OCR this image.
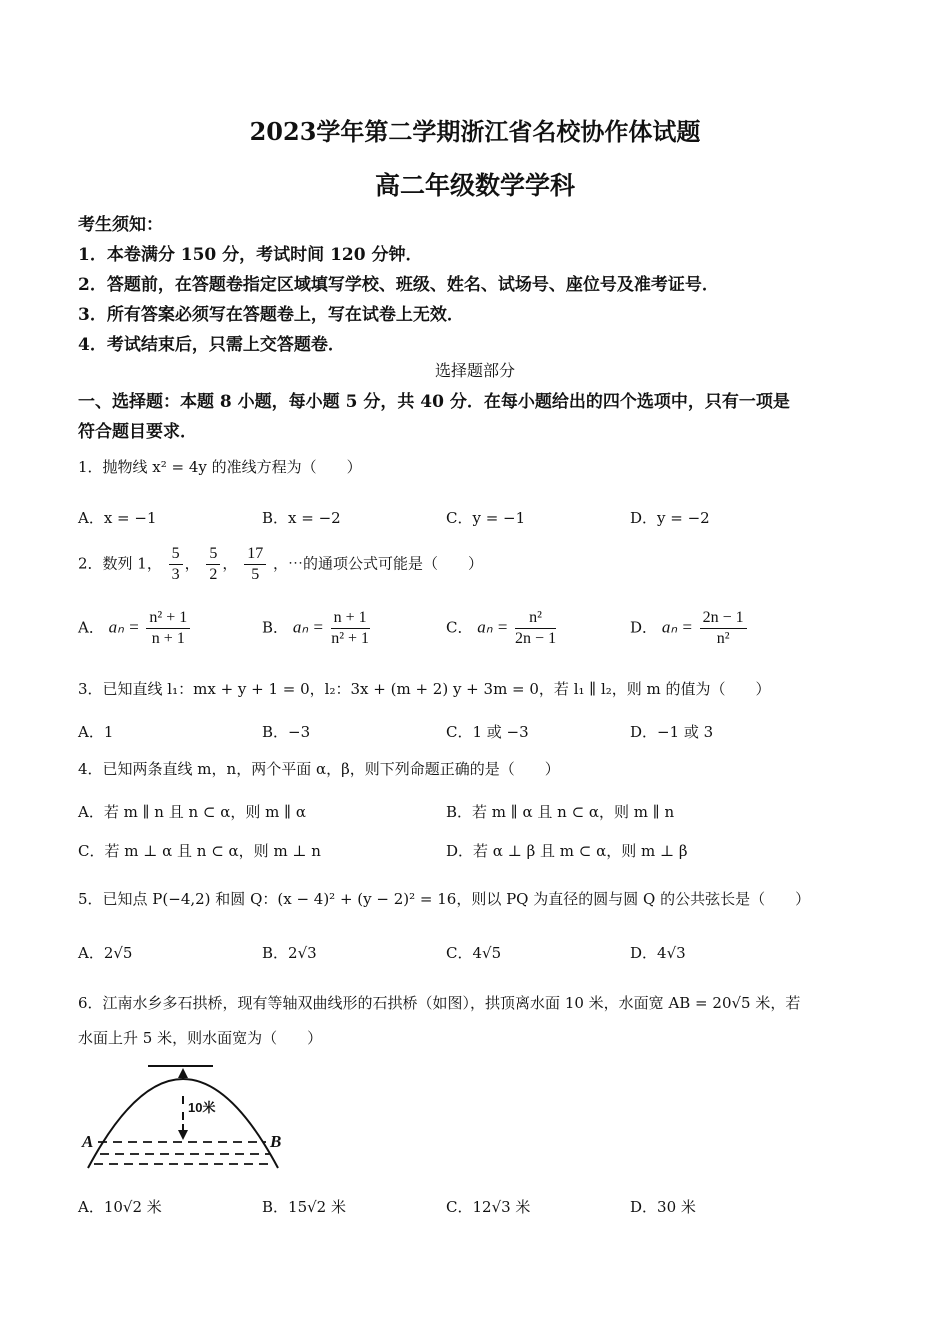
2023学年第二学期浙江省名校协作体试题
高二年级数学学科
考生须知：
1．本卷满分 150 分，考试时间 120 分钟．
2．答题前，在答题卷指定区域填写学校、班级、姓名、试场号、座位号及准考证号．
3．所有答案必须写在答题卷上，写在试卷上无效．
4．考试结束后，只需上交答题卷．
选择题部分
一、选择题：本题 8 小题，每小题 5 分，共 40 分．在每小题给出的四个选项中，只有一项是
符合题目要求．
1．抛物线 x² = 4y 的准线方程为（　　）
A．x = −1	B．x = −2	C．y = −1	D．y = −2
2．数列 1， $\frac{5}{3}$ ， $\frac{5}{2}$ ， $\frac{17}{5}$ ，⋯的通项公式可能是（　　）
A． $a_n = \frac{\text{n² + 1}}{n + 1}$	B． $a_n = \frac{n + 1}{\text{n² + 1}}$	C． $a_n = \frac{\text{n²}}{2n - 1}$	D． $a_n = \frac{2n - 1}{\text{n²}}$
3．已知直线 l₁：mx + y + 1 = 0，l₂：3x + (m + 2) y + 3m = 0，若 l₁ ∥ l₂，则 m 的值为（　　）
A．1	B．−3	C．1 或 −3	D．−1 或 3
4．已知两条直线 m，n，两个平面 α，β，则下列命题正确的是（　　）
A．若 m ∥ n 且 n ⊂ α，则 m ∥ α	B．若 m ∥ α 且 n ⊂ α，则 m ∥ n
C．若 m ⊥ α 且 n ⊂ α，则 m ⊥ n	D．若 α ⊥ β 且 m ⊂ α，则 m ⊥ β
5．已知点 P(−4,2) 和圆 Q：(x − 4)² + (y − 2)² = 16，则以 PQ 为直径的圆与圆 Q 的公共弦长是（　　）
A．2√5	B．2√3	C．4√5	D．4√3
6．江南水乡多石拱桥，现有等轴双曲线形的石拱桥（如图），拱顶离水面 10 米，水面宽 AB = 20√5 米，若
水面上升 5 米，则水面宽为（　　）
10米
A	B
A．10√2 米	B．15√2 米	C．12√3 米	D．30 米
